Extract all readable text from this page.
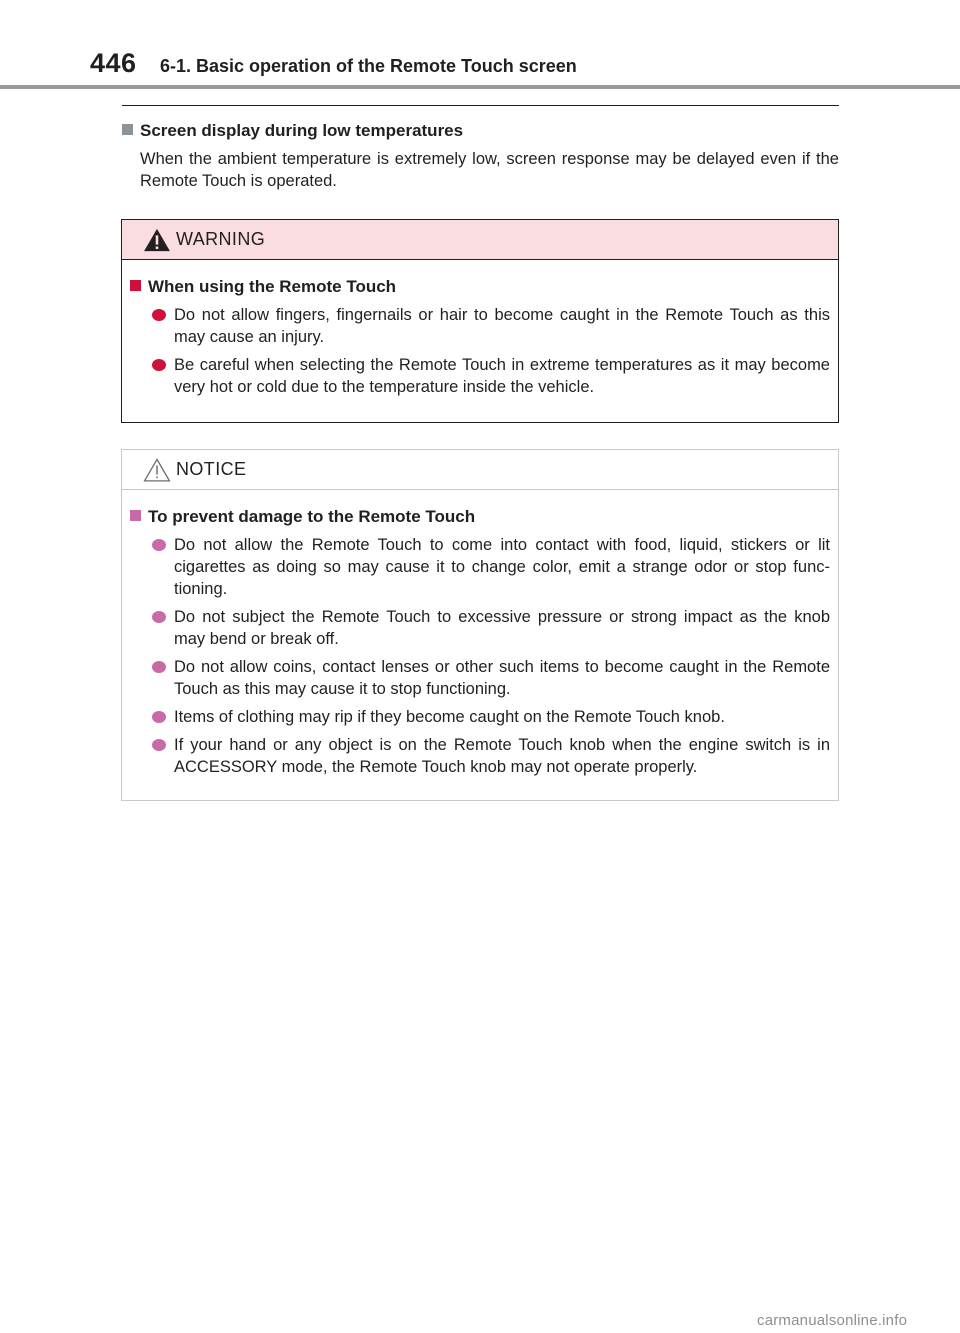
446 6-1. Basic operation of the Remote Touch screen
Screen display during low temperatures
When the ambient temperature is extremely low, screen response may be delayed even if the Remote Touch is operated.
WARNING
When using the Remote Touch
Do not allow fingers, fingernails or hair to become caught in the Remote Touch as this may cause an injury.
Be careful when selecting the Remote Touch in extreme temperatures as it may become very hot or cold due to the temperature inside the vehicle.
NOTICE
To prevent damage to the Remote Touch
Do not allow the Remote Touch to come into contact with food, liquid, stickers or lit cigarettes as doing so may cause it to change color, emit a strange odor or stop func-tioning.
Do not subject the Remote Touch to excessive pressure or strong impact as the knob may bend or break off.
Do not allow coins, contact lenses or other such items to become caught in the Remote Touch as this may cause it to stop functioning.
Items of clothing may rip if they become caught on the Remote Touch knob.
If your hand or any object is on the Remote Touch knob when the engine switch is in ACCESSORY mode, the Remote Touch knob may not operate properly.
carmanualsonline.info
